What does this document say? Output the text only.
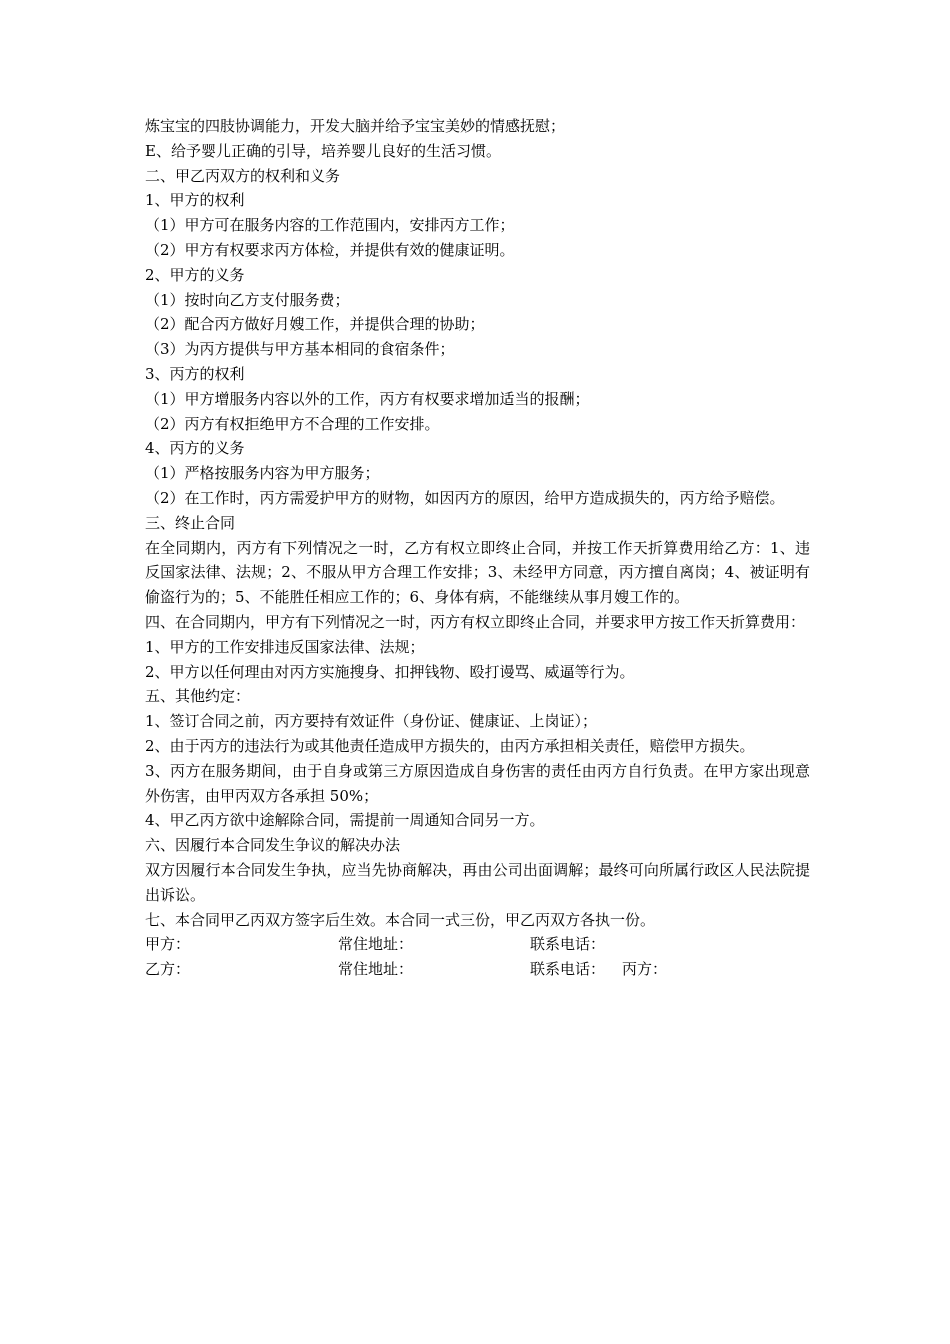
炼宝宝的四肢协调能力，开发大脑并给予宝宝美妙的情感抚慰；
E、给予婴儿正确的引导，培养婴儿良好的生活习惯。
二、甲乙丙双方的权利和义务
1、甲方的权利
（1）甲方可在服务内容的工作范围内，安排丙方工作；
（2）甲方有权要求丙方体检，并提供有效的健康证明。
2、甲方的义务
（1）按时向乙方支付服务费；
（2）配合丙方做好月嫂工作，并提供合理的协助；
（3）为丙方提供与甲方基本相同的食宿条件；
3、丙方的权利
（1）甲方增服务内容以外的工作，丙方有权要求增加适当的报酬；
（2）丙方有权拒绝甲方不合理的工作安排。
4、丙方的义务
（1）严格按服务内容为甲方服务；
（2）在工作时，丙方需爱护甲方的财物，如因丙方的原因，给甲方造成损失的，丙方给予赔偿。
三、终止合同
在全同期内，丙方有下列情况之一时，乙方有权立即终止合同，并按工作天折算费用给乙方：1、违反国家法律、法规；2、不服从甲方合理工作安排；3、未经甲方同意，丙方擅自离岗；4、被证明有偷盗行为的；5、不能胜任相应工作的；6、身体有病，不能继续从事月嫂工作的。
四、在合同期内，甲方有下列情况之一时，丙方有权立即终止合同，并要求甲方按工作天折算费用：
1、甲方的工作安排违反国家法律、法规；
2、甲方以任何理由对丙方实施搜身、扣押钱物、殴打谩骂、威逼等行为。
五、其他约定：
1、签订合同之前，丙方要持有效证件（身份证、健康证、上岗证）；
2、由于丙方的违法行为或其他责任造成甲方损失的，由丙方承担相关责任，赔偿甲方损失。
3、丙方在服务期间，由于自身或第三方原因造成自身伤害的责任由丙方自行负责。在甲方家出现意外伤害，由甲丙双方各承担 50%；
4、甲乙丙方欲中途解除合同，需提前一周通知合同另一方。
六、因履行本合同发生争议的解决办法
双方因履行本合同发生争执，应当先协商解决，再由公司出面调解；最终可向所属行政区人民法院提出诉讼。
七、本合同甲乙丙双方签字后生效。本合同一式三份，甲乙丙双方各执一份。
甲方：	常住地址：	联系电话：
乙方：	常住地址：	联系电话： 丙方：
